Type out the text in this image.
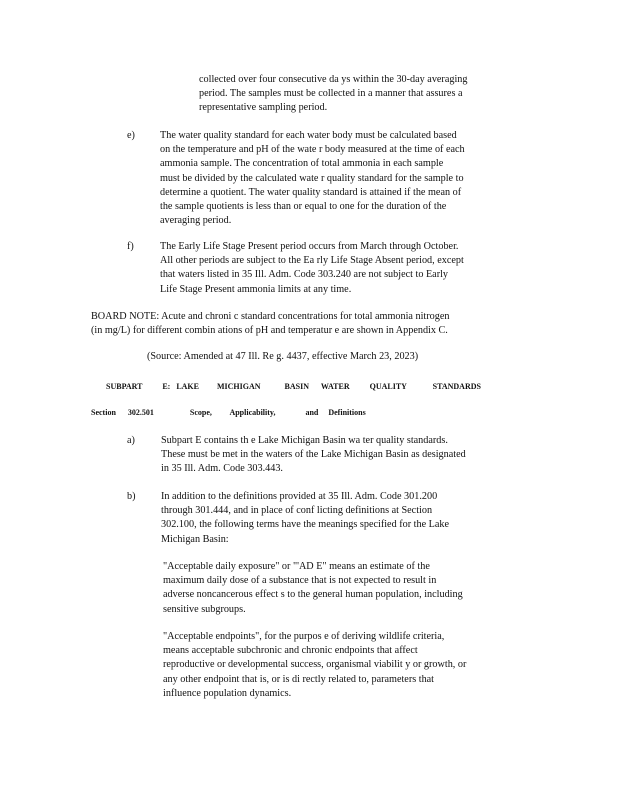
collected over four consecutive da ys within the 30-day averaging
period. The samples must be collected in a manner that assures a
representative sampling period.
e) The water quality standard for each water body must be calculated based
on the temperature and pH of the wate r body measured at the time of each
ammonia sample. The concentration of total ammonia in each sample
must be divided by the calculated wate r quality standard for the sample to
determine a quotient. The water quality standard is attained if the mean of
the sample quotients is less than or equal to one for the duration of the
averaging period.
f)	The Early Life Stage Present period occurs from March through October.
All other periods are subject to the Ea rly Life Stage Absent period, except
that waters listed in 35 Ill. Adm. Code 303.240 are not subject to Early
Life Stage Present ammonia limits at any time.
BOARD NOTE: Acute and chroni c standard concentrations for total ammonia nitrogen
(in mg/L) for different combin ations of pH and temperatur e are shown in Appendix C.
(Source: Amended at 47 Ill. Re g. 4437, effective March 23, 2023)
SUBPART          E:   LAKE         MICHIGAN            BASIN      WATER          QUALITY             STANDARDS
Section      302.501                  Scope,         Applicability,               and     Definitions
a)	Subpart E contains th e Lake Michigan Basin wa ter quality standards.
These must be met in the waters of the Lake Michigan Basin as designated
in 35 Ill. Adm. Code 303.443.
b)	In addition to the definitions provided at 35 Ill. Adm. Code 301.200
through 301.444, and in place of conf licting definitions at Section
302.100, the following terms have the meanings specified for the Lake
Michigan Basin:
"Acceptable daily exposure" or "'AD E" means an estimate of the
maximum daily dose of a substance that is not expected to result in
adverse noncancerous effect s to the general human population, including
sensitive subgroups.
"Acceptable endpoints", for the purpos e of deriving wildlife criteria,
means acceptable subchronic and chronic endpoints that affect
reproductive or developmental success, organismal viabilit y or growth, or
any other endpoint that is, or is di rectly related to, parameters that
influence population dynamics.
